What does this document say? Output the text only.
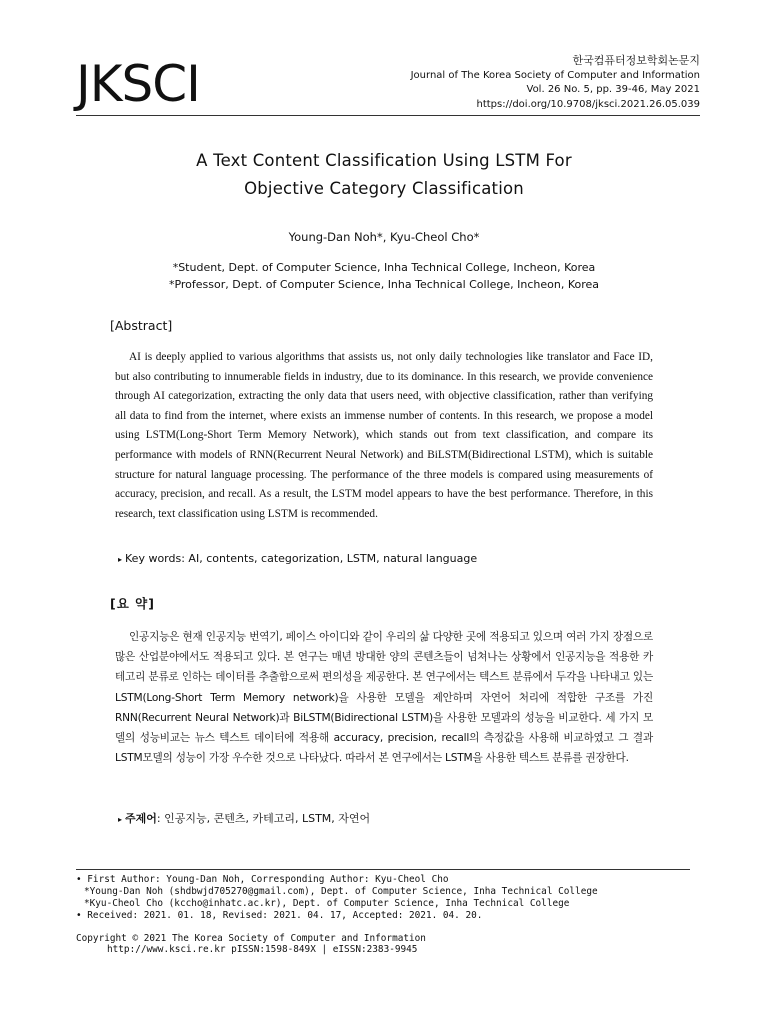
JKSCI	한국컴퓨터정보학회논문지
Journal of The Korea Society of Computer and Information
Vol. 26 No. 5, pp. 39-46, May 2021
https://doi.org/10.9708/jksci.2021.26.05.039
A Text Content Classification Using LSTM For
Objective Category Classification
Young-Dan Noh*, Kyu-Cheol Cho*
*Student, Dept. of Computer Science, Inha Technical College, Incheon, Korea
*Professor, Dept. of Computer Science, Inha Technical College, Incheon, Korea
[Abstract]
AI is deeply applied to various algorithms that assists us, not only daily technologies like translator and Face ID, but also contributing to innumerable fields in industry, due to its dominance. In this research, we provide convenience through AI categorization, extracting the only data that users need, with objective classification, rather than verifying all data to find from the internet, where exists an immense number of contents. In this research, we propose a model using LSTM(Long-Short Term Memory Network), which stands out from text classification, and compare its performance with models of RNN(Recurrent Neural Network) and BiLSTM(Bidirectional LSTM), which is suitable structure for natural language processing. The performance of the three models is compared using measurements of accuracy, precision, and recall. As a result, the LSTM model appears to have the best performance. Therefore, in this research, text classification using LSTM is recommended.
▸ Key words: AI, contents, categorization, LSTM, natural language
[요 약]
인공지능은 현재 인공지능 번역기, 페이스 아이디와 같이 우리의 삶 다양한 곳에 적용되고 있으며 여러 가지 장점으로 많은 산업분야에서도 적용되고 있다. 본 연구는 매년 방대한 양의 콘텐츠들이 넘쳐나는 상황에서 인공지능을 적용한 카테고리 분류로 인하는 데이터를 추출함으로써 편의성을 제공한다. 본 연구에서는 텍스트 분류에서 두각을 나타내고 있는 LSTM(Long-Short Term Memory network)을 사용한 모델을 제안하며 자연어 처리에 적합한 구조를 가진 RNN(Recurrent Neural Network)과 BiLSTM(Bidirectional LSTM)을 사용한 모델과의 성능을 비교한다. 세 가지 모델의 성능비교는 뉴스 텍스트 데이터에 적용해 accuracy, precision, recall의 측정값을 사용해 비교하였고 그 결과 LSTM모델의 성능이 가장 우수한 것으로 나타났다. 따라서 본 연구에서는 LSTM을 사용한 텍스트 분류를 권장한다.
▸ 주제어: 인공지능, 콘텐츠, 카테고리, LSTM, 자연어
• First Author: Young-Dan Noh, Corresponding Author: Kyu-Cheol Cho
*Young-Dan Noh (shdbwjd705270@gmail.com), Dept. of Computer Science, Inha Technical College
*Kyu-Cheol Cho (kccho@inhatc.ac.kr), Dept. of Computer Science, Inha Technical College
• Received: 2021. 01. 18, Revised: 2021. 04. 17, Accepted: 2021. 04. 20.
Copyright © 2021 The Korea Society of Computer and Information
http://www.ksci.re.kr pISSN:1598-849X | eISSN:2383-9945
